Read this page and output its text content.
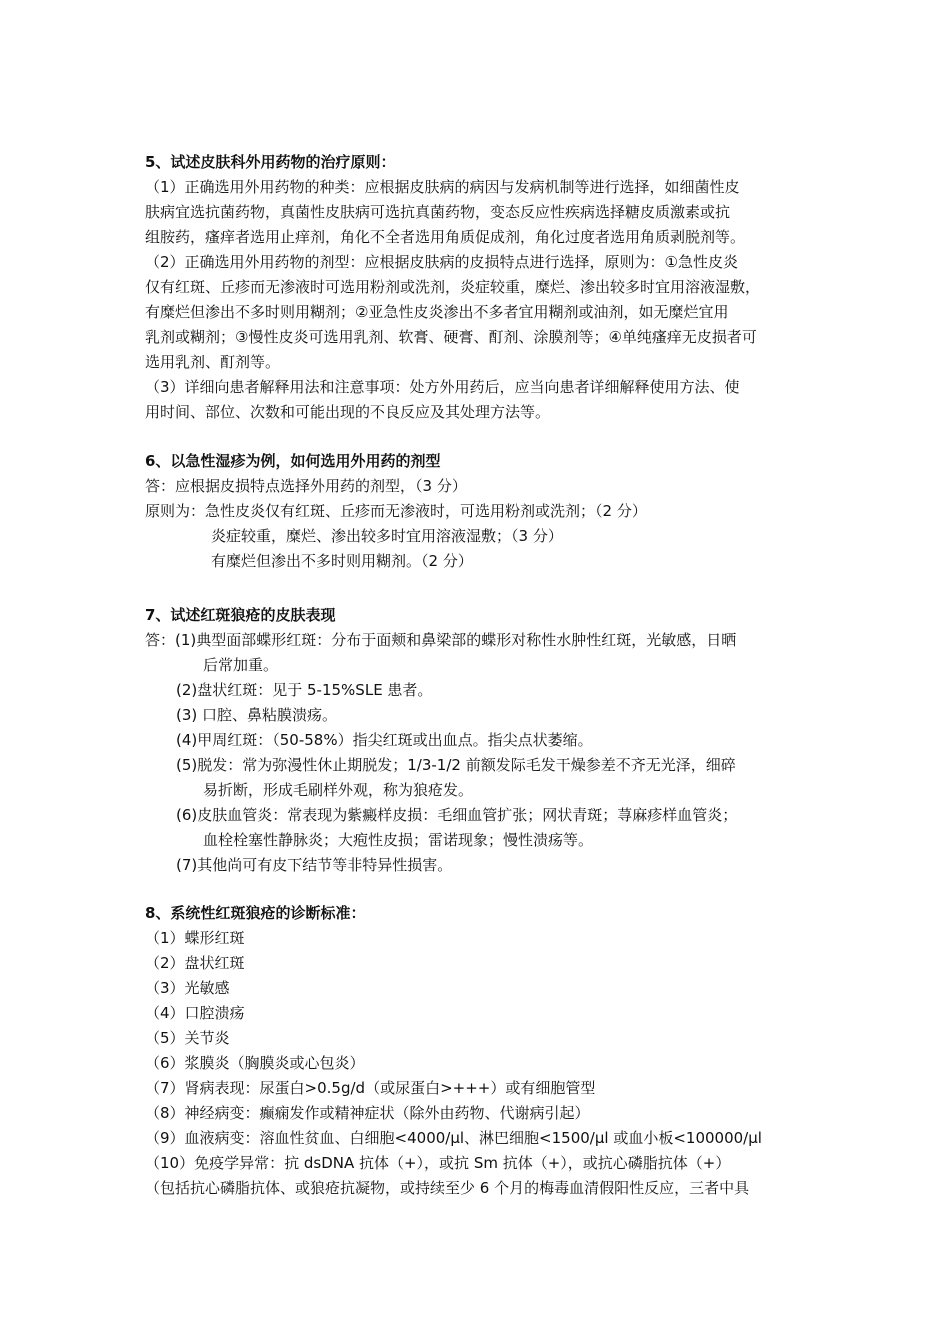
5、试述皮肤科外用药物的治疗原则：
（1）正确选用外用药物的种类：应根据皮肤病的病因与发病机制等进行选择，如细菌性皮
肤病宜选抗菌药物，真菌性皮肤病可选抗真菌药物，变态反应性疾病选择糖皮质激素或抗
组胺药，瘙痒者选用止痒剂，角化不全者选用角质促成剂，角化过度者选用角质剥脱剂等。
（2）正确选用外用药物的剂型：应根据皮肤病的皮损特点进行选择，原则为：①急性皮炎
仅有红斑、丘疹而无渗液时可选用粉剂或洗剂，炎症较重，糜烂、渗出较多时宜用溶液湿敷，
有糜烂但渗出不多时则用糊剂；②亚急性皮炎渗出不多者宜用糊剂或油剂，如无糜烂宜用
乳剂或糊剂；③慢性皮炎可选用乳剂、软膏、硬膏、酊剂、涂膜剂等；④单纯瘙痒无皮损者可
选用乳剂、酊剂等。
（3）详细向患者解释用法和注意事项：处方外用药后，应当向患者详细解释使用方法、使
用时间、部位、次数和可能出现的不良反应及其处理方法等。
6、以急性湿疹为例，如何选用外用药的剂型
答：应根据皮损特点选择外用药的剂型，（3 分）
原则为：急性皮炎仅有红斑、丘疹而无渗液时，可选用粉剂或洗剂；（2 分）
炎症较重，糜烂、渗出较多时宜用溶液湿敷；（3 分）
有糜烂但渗出不多时则用糊剂。（2 分）
7、试述红斑狼疮的皮肤表现
答：(1)典型面部蝶形红斑：分布于面颊和鼻梁部的蝶形对称性水肿性红斑，光敏感，日晒
后常加重。
(2)盘状红斑：见于 5-15%SLE 患者。
(3) 口腔、鼻粘膜溃疡。
(4)甲周红斑：（50-58%）指尖红斑或出血点。指尖点状萎缩。
(5)脱发：常为弥漫性休止期脱发；1/3-1/2 前额发际毛发干燥参差不齐无光泽，细碎
易折断，形成毛刷样外观，称为狼疮发。
(6)皮肤血管炎：常表现为紫癜样皮损：毛细血管扩张；网状青斑；荨麻疹样血管炎；
血栓栓塞性静脉炎；大疱性皮损；雷诺现象；慢性溃疡等。
(7)其他尚可有皮下结节等非特异性损害。
8、系统性红斑狼疮的诊断标准：
（1）蝶形红斑
（2）盘状红斑
（3）光敏感
（4）口腔溃疡
（5）关节炎
（6）浆膜炎（胸膜炎或心包炎）
（7）肾病表现：尿蛋白>0.5g/d（或尿蛋白>+++）或有细胞管型
（8）神经病变：癫痫发作或精神症状（除外由药物、代谢病引起）
（9）血液病变：溶血性贫血、白细胞<4000/μl、淋巴细胞<1500/μl 或血小板<100000/μl
（10）免疫学异常：抗 dsDNA 抗体（+），或抗 Sm 抗体（+），或抗心磷脂抗体（+）
（包括抗心磷脂抗体、或狼疮抗凝物，或持续至少 6 个月的梅毒血清假阳性反应，三者中具
